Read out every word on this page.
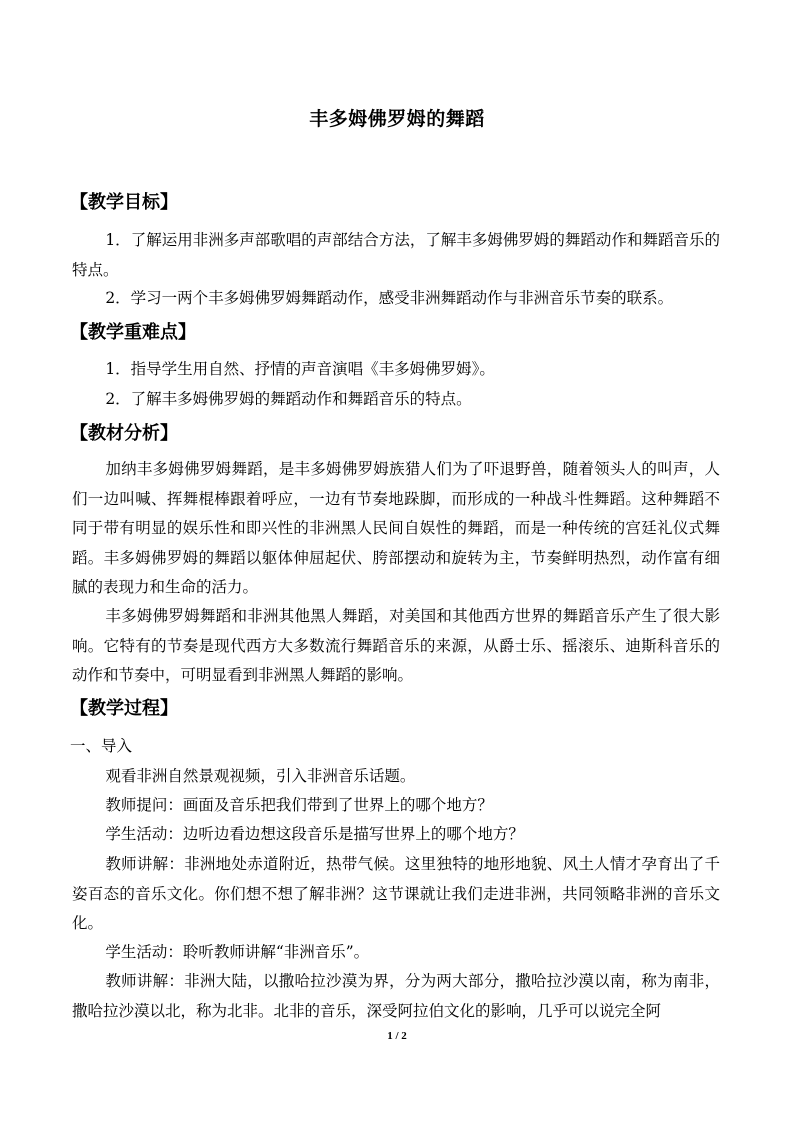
丰多姆佛罗姆的舞蹈
【教学目标】
1．了解运用非洲多声部歌唱的声部结合方法，了解丰多姆佛罗姆的舞蹈动作和舞蹈音乐的特点。
2．学习一两个丰多姆佛罗姆舞蹈动作，感受非洲舞蹈动作与非洲音乐节奏的联系。
【教学重难点】
1．指导学生用自然、抒情的声音演唱《丰多姆佛罗姆》。
2．了解丰多姆佛罗姆的舞蹈动作和舞蹈音乐的特点。
【教材分析】
加纳丰多姆佛罗姆舞蹈，是丰多姆佛罗姆族猎人们为了吓退野兽，随着领头人的叫声，人们一边叫喊、挥舞棍棒跟着呼应，一边有节奏地跺脚，而形成的一种战斗性舞蹈。这种舞蹈不同于带有明显的娱乐性和即兴性的非洲黑人民间自娱性的舞蹈，而是一种传统的宫廷礼仪式舞蹈。丰多姆佛罗姆的舞蹈以躯体伸屈起伏、胯部摆动和旋转为主，节奏鲜明热烈，动作富有细腻的表现力和生命的活力。
丰多姆佛罗姆舞蹈和非洲其他黑人舞蹈，对美国和其他西方世界的舞蹈音乐产生了很大影响。它特有的节奏是现代西方大多数流行舞蹈音乐的来源，从爵士乐、摇滚乐、迪斯科音乐的动作和节奏中，可明显看到非洲黑人舞蹈的影响。
【教学过程】
一、导入
观看非洲自然景观视频，引入非洲音乐话题。
教师提问：画面及音乐把我们带到了世界上的哪个地方？
学生活动：边听边看边想这段音乐是描写世界上的哪个地方？
教师讲解：非洲地处赤道附近，热带气候。这里独特的地形地貌、风土人情才孕育出了千姿百态的音乐文化。你们想不想了解非洲？这节课就让我们走进非洲，共同领略非洲的音乐文化。
学生活动：聆听教师讲解“非洲音乐”。
教师讲解：非洲大陆，以撒哈拉沙漠为界，分为两大部分，撒哈拉沙漠以南，称为南非，撒哈拉沙漠以北，称为北非。北非的音乐，深受阿拉伯文化的影响，几乎可以说完全阿
1 / 2
